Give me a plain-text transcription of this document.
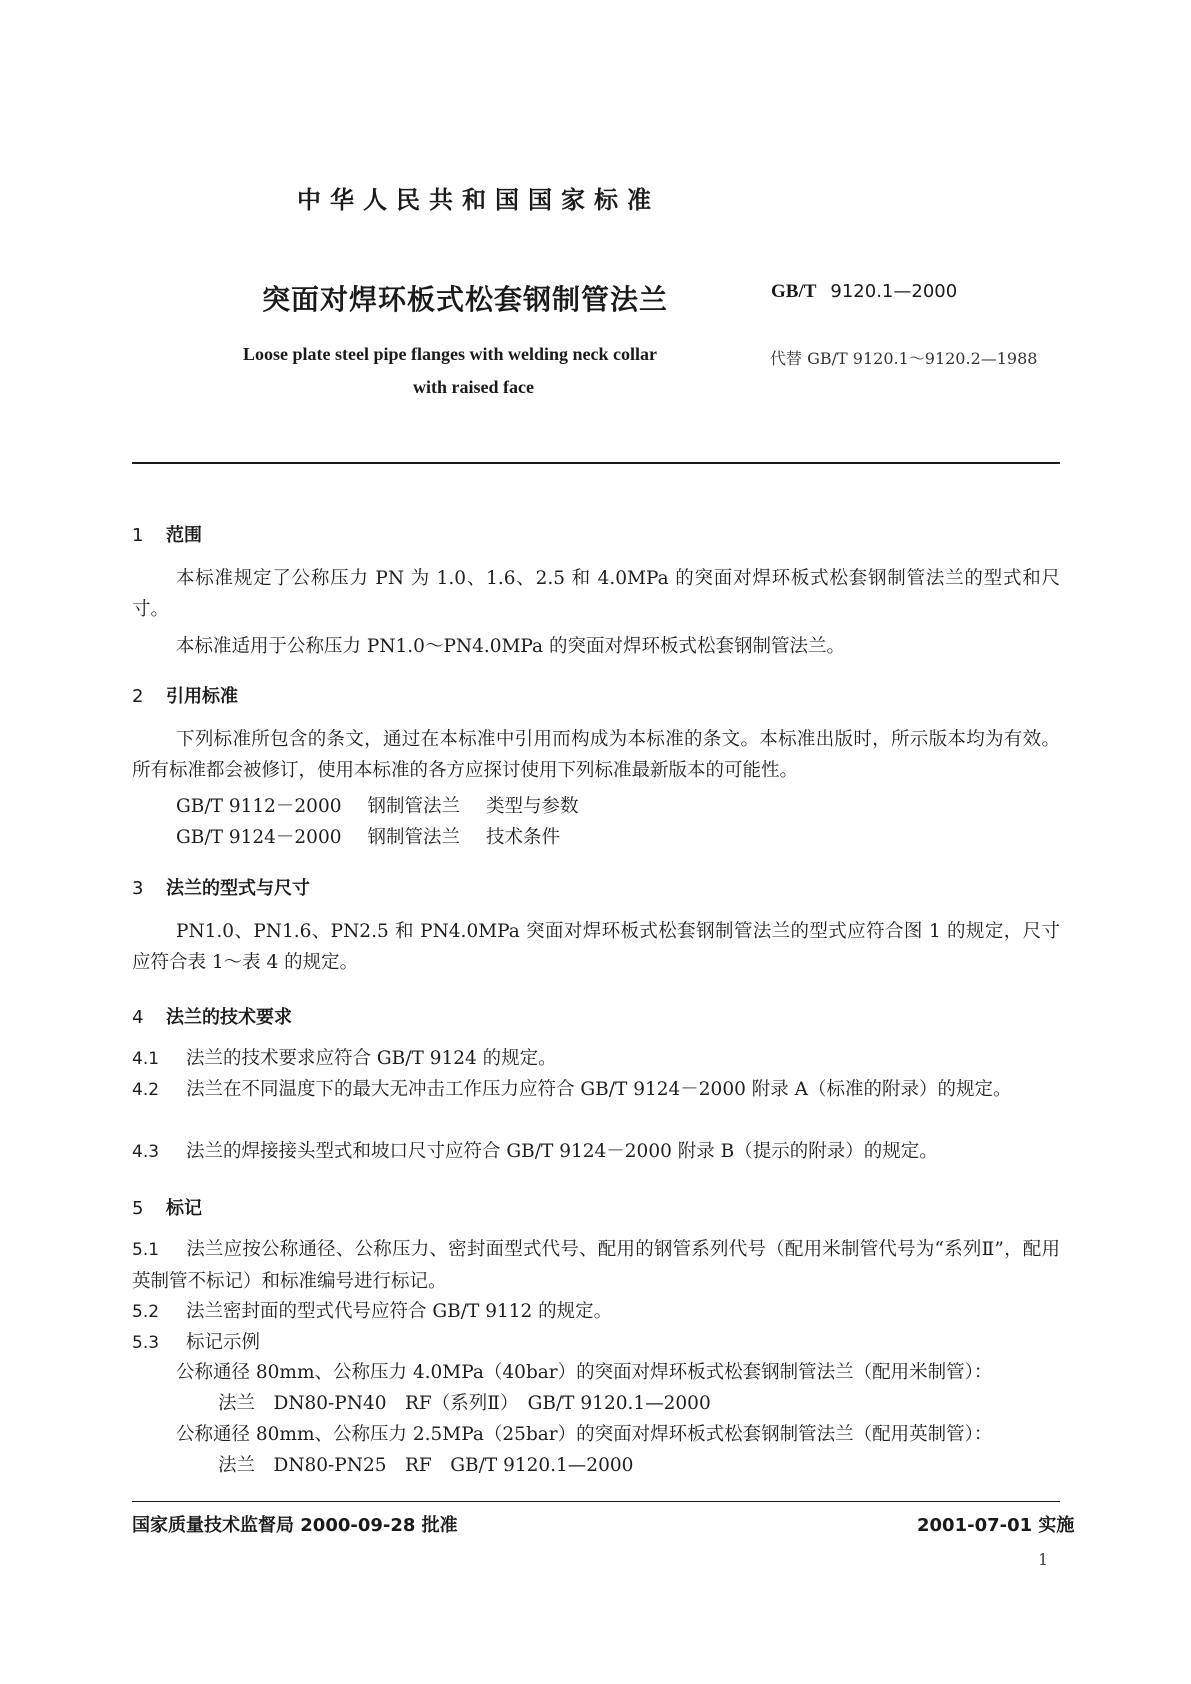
中华人民共和国国家标准
突面对焊环板式松套钢制管法兰	GB/T 9120.1—2000
Loose plate steel pipe flanges with welding neck collar
with raised face
代替 GB/T 9120.1～9120.2—1988
1 范围
本标准规定了公称压力 PN 为 1.0、1.6、2.5 和 4.0MPa 的突面对焊环板式松套钢制管法兰的型式和尺寸。
本标准适用于公称压力 PN1.0～PN4.0MPa 的突面对焊环板式松套钢制管法兰。
2 引用标准
下列标准所包含的条文，通过在本标准中引用而构成为本标准的条文。本标准出版时，所示版本均为有效。所有标准都会被修订，使用本标准的各方应探讨使用下列标准最新版本的可能性。
GB/T 9112－2000 钢制管法兰 类型与参数
GB/T 9124－2000 钢制管法兰 技术条件
3 法兰的型式与尺寸
PN1.0、PN1.6、PN2.5 和 PN4.0MPa 突面对焊环板式松套钢制管法兰的型式应符合图 1 的规定，尺寸应符合表 1～表 4 的规定。
4 法兰的技术要求
4.1 法兰的技术要求应符合 GB/T 9124 的规定。
4.2 法兰在不同温度下的最大无冲击工作压力应符合 GB/T 9124－2000 附录 A（标准的附录）的规定。
4.3 法兰的焊接接头型式和坡口尺寸应符合 GB/T 9124－2000 附录 B（提示的附录）的规定。
5 标记
5.1 法兰应按公称通径、公称压力、密封面型式代号、配用的钢管系列代号（配用米制管代号为“系列Ⅱ”，配用英制管不标记）和标准编号进行标记。
5.2 法兰密封面的型式代号应符合 GB/T 9112 的规定。
5.3 标记示例
公称通径 80mm、公称压力 4.0MPa（40bar）的突面对焊环板式松套钢制管法兰（配用米制管）：
法兰　DN80-PN40　RF（系列Ⅱ）　GB/T 9120.1—2000
公称通径 80mm、公称压力 2.5MPa（25bar）的突面对焊环板式松套钢制管法兰（配用英制管）：
法兰　DN80-PN25　RF　GB/T 9120.1—2000
国家质量技术监督局 2000-09-28 批准	2001-07-01 实施
1
